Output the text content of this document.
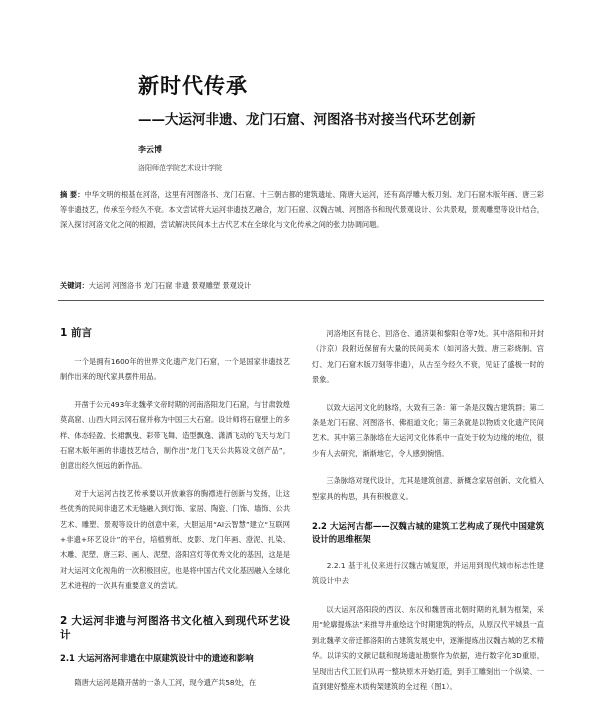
新时代传承
——大运河非遗、龙门石窟、河图洛书对接当代环艺创新
李云博
洛阳师范学院艺术设计学院
摘 要：中华文明的根基在河洛，这里有河图洛书、龙门石窟、十三朝古都的建筑遗址、隋唐大运河，还有高浮雕大板刀刻、龙门石窟木版年画、唐三彩等非遗技艺，传承至今经久不衰。本文尝试将大运河非遗技艺融合，龙门石窟、汉魏古城、河图洛书和现代景观设计、公共景观，景观雕塑等设计结合，深入探讨河洛文化之间的根源，尝试解决民间本土古代艺术在全球化与文化传承之间的张力协调问题。
关键词：大运河 河图洛书 龙门石窟 非遗 景观雕塑 景观设计
1 前言

一个是拥有1600年的世界文化遗产龙门石窟，一个是国家非遗技艺制作出来的现代家具摆件用品。

开凿于公元493年北魏孝文帝时期的河南洛阳龙门石窟，与甘肃敦煌莫高窟、山西大同云冈石窟并称为中国三大石窟。设计师将石窟壁上的多样、体态轻盈、长裙飘曳、彩带飞舞、造型飘逸、潇洒飞动的飞天与龙门石窟木版年画的非遗技艺结合，制作出“龙门飞天公共陈设文创产品”，创意出经久恒远的新作品。

对于大运河古技艺传承要以开放兼容的胸襟进行创新与发扬，让这些优秀的民间非遗艺术无缝融入到灯饰、家居、陶瓷、门饰、墙饰、公共艺术、雕塑、景观等设计的创意中来，大胆运用“AI云智慧”建立“互联网+非遗+环艺设计”的平台，培植剪纸、皮影、龙门年画、澄泥、扎染、木雕、泥塑、唐三彩、画人、泥塑、洛阳宫灯等优秀文化的基因，这是是对大运河文化视角的一次积极回应，也是将中国古代文化基因融入全球化艺术进程的一次具有重要意义的尝试。

2 大运河非遗与河图洛书文化植入到现代环艺设计
2.1 大运河洛河非遗在中原建筑设计中的遗迹和影响

隋唐大运河是隋开凿的一条人工河，现今遗产共58处，在

河洛地区有昆仑、回洛仓、通济渠和黎阳仓等7处。其中洛阳和开封（汴京）段附近保留有大量的民间美术（如河洛大鼓、唐三彩烧制、宫灯、龙门石窟木版刀刻等非遗），从古至今经久不衰，见证了盛极一时的景象。

以致大运河文化的脉络，大致有三条：第一条是汉魏古建筑群；第二条是龙门石窟、河图洛书、佛祖道文化；第三条就是以物质文化遗产民间艺术。其中第三条脉络在大运河文化体系中一直处于较为边缘的地位，很少有人去研究，渐渐地它，令人感到惋惜。

三条脉络对现代设计，尤其是建筑创意、新概念家居创新、文化植入型家具的构思，具有积极意义。

2.2 大运河古都——汉魏古城的建筑工艺构成了现代中国建筑设计的思维框架
2.2.1 基于礼仪来进行汉魏古城复原，并运用到现代城市标志性建筑设计中去

以大运河洛阳段的西汉、东汉和魏晋南北朝时期的礼制为框架，采用“轮廓提炼法”来推导并重绘这个时期建筑的特点，从原汉代平城县一直到北魏孝文帝迁都洛阳的古建筑发展史中，逐渐提炼出汉魏古城的艺术精华。以详实的文献记载和现场遗址勘察作为依据，进行数字化3D重原，呈现出古代工匠们从再一整块原木开始打造，到手工雕刻出一个纵梁、一直到建好整座木质构架建筑的全过程（图1）。
